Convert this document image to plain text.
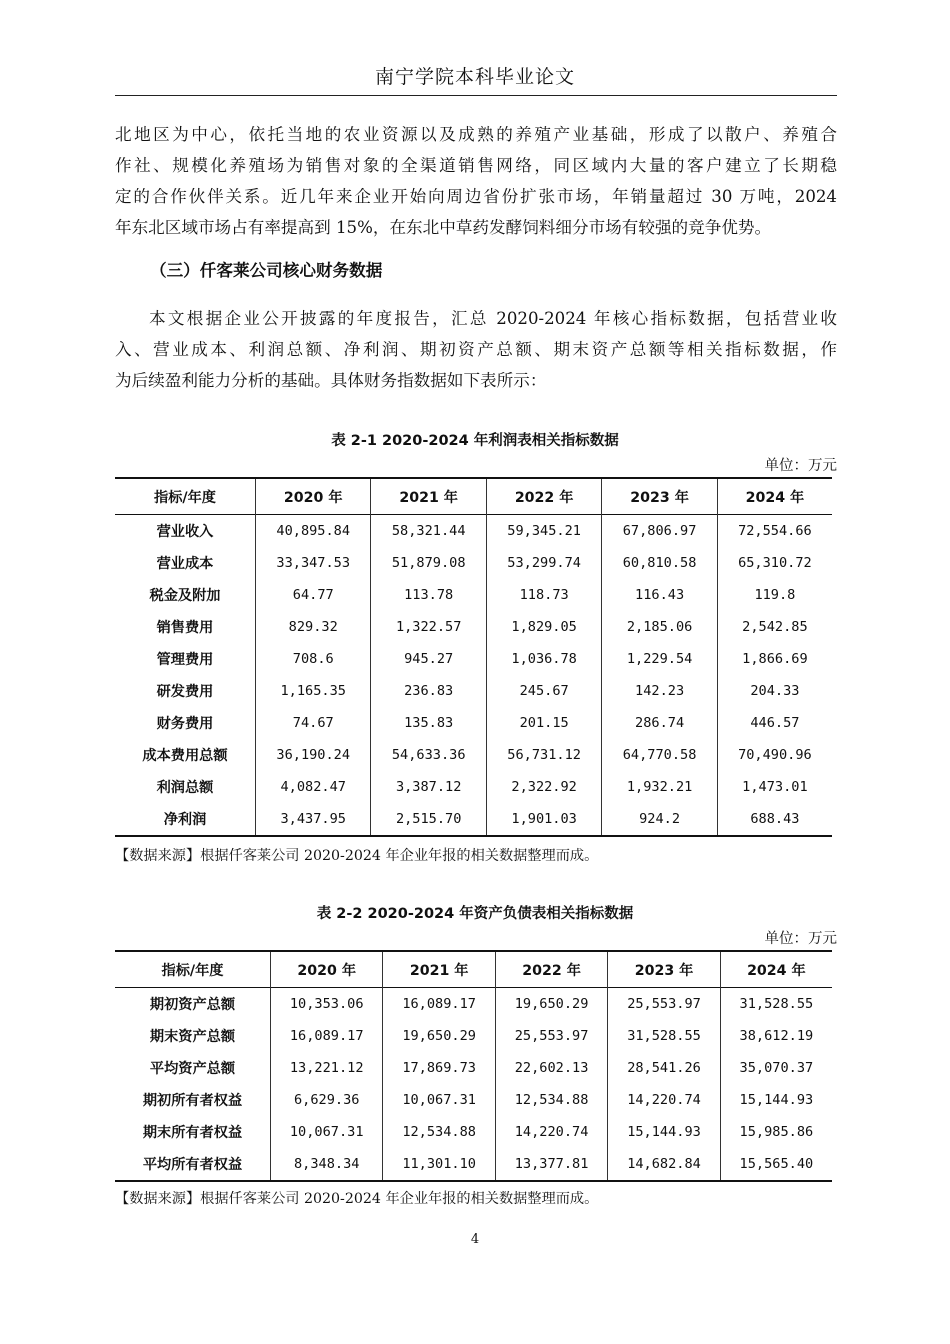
南宁学院本科毕业论文

北地区为中心，依托当地的农业资源以及成熟的养殖产业基础，形成了以散户、养殖合
作社、规模化养殖场为销售对象的全渠道销售网络，同区域内大量的客户建立了长期稳
定的合作伙伴关系。近几年来企业开始向周边省份扩张市场，年销量超过 30 万吨，2024
年东北区域市场占有率提高到 15%，在东北中草药发酵饲料细分市场有较强的竞争优势。

（三）仟客莱公司核心财务数据

本文根据企业公开披露的年度报告，汇总 2020-2024 年核心指标数据，包括营业收
入、营业成本、利润总额、净利润、期初资产总额、期末资产总额等相关指标数据，作
为后续盈利能力分析的基础。具体财务指数据如下表所示：

表 2-1 2020-2024 年利润表相关指标数据
单位：万元
指标/年度	2020 年	2021 年	2022 年	2023 年	2024 年
营业收入	40,895.84	58,321.44	59,345.21	67,806.97	72,554.66
营业成本	33,347.53	51,879.08	53,299.74	60,810.58	65,310.72
税金及附加	64.77	113.78	118.73	116.43	119.8
销售费用	829.32	1,322.57	1,829.05	2,185.06	2,542.85
管理费用	708.6	945.27	1,036.78	1,229.54	1,866.69
研发费用	1,165.35	236.83	245.67	142.23	204.33
财务费用	74.67	135.83	201.15	286.74	446.57
成本费用总额	36,190.24	54,633.36	56,731.12	64,770.58	70,490.96
利润总额	4,082.47	3,387.12	2,322.92	1,932.21	1,473.01
净利润	3,437.95	2,515.70	1,901.03	924.2	688.43
【数据来源】根据仟客莱公司 2020-2024 年企业年报的相关数据整理而成。
表 2-2 2020-2024 年资产负债表相关指标数据
单位：万元
指标/年度	2020 年	2021 年	2022 年	2023 年	2024 年
期初资产总额	10,353.06	16,089.17	19,650.29	25,553.97	31,528.55
期末资产总额	16,089.17	19,650.29	25,553.97	31,528.55	38,612.19
平均资产总额	13,221.12	17,869.73	22,602.13	28,541.26	35,070.37
期初所有者权益	6,629.36	10,067.31	12,534.88	14,220.74	15,144.93
期末所有者权益	10,067.31	12,534.88	14,220.74	15,144.93	15,985.86
平均所有者权益	8,348.34	11,301.10	13,377.81	14,682.84	15,565.40
【数据来源】根据仟客莱公司 2020-2024 年企业年报的相关数据整理而成。
4
